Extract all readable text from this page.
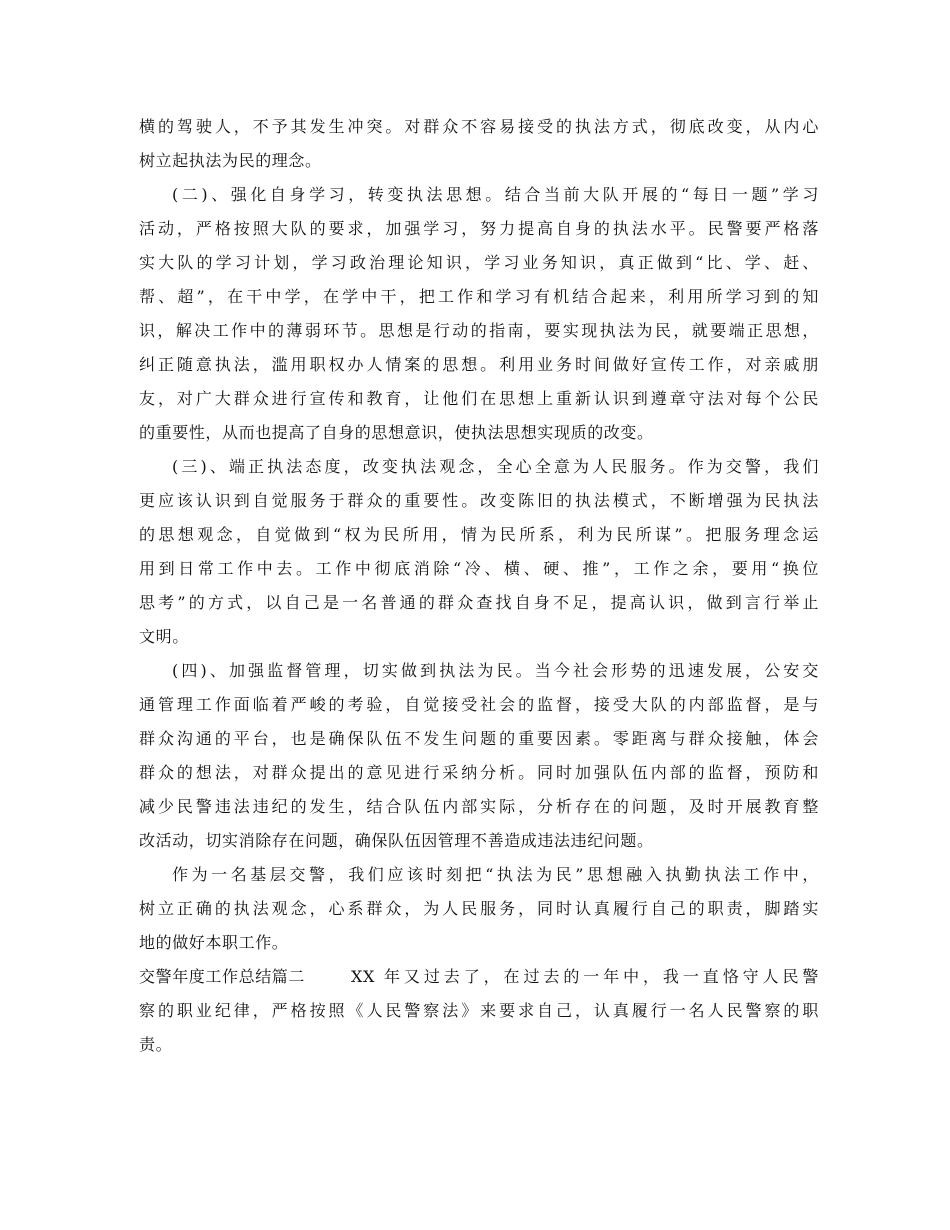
横的驾驶人，不予其发生冲突。对群众不容易接受的执法方式，彻底改变，从内心
树立起执法为民的理念。
(二)、强化自身学习，转变执法思想。结合当前大队开展的“每日一题”学习
活动，严格按照大队的要求，加强学习，努力提高自身的执法水平。民警要严格落
实大队的学习计划，学习政治理论知识，学习业务知识，真正做到“比、学、赶、
帮、超”，在干中学，在学中干，把工作和学习有机结合起来，利用所学习到的知
识，解决工作中的薄弱环节。思想是行动的指南，要实现执法为民，就要端正思想，
纠正随意执法，滥用职权办人情案的思想。利用业务时间做好宣传工作，对亲戚朋
友，对广大群众进行宣传和教育，让他们在思想上重新认识到遵章守法对每个公民
的重要性，从而也提高了自身的思想意识，使执法思想实现质的改变。
(三)、端正执法态度，改变执法观念，全心全意为人民服务。作为交警，我们
更应该认识到自觉服务于群众的重要性。改变陈旧的执法模式，不断增强为民执法
的思想观念，自觉做到“权为民所用，情为民所系，利为民所谋”。把服务理念运
用到日常工作中去。工作中彻底消除“冷、横、硬、推”，工作之余，要用“换位
思考”的方式，以自己是一名普通的群众查找自身不足，提高认识，做到言行举止
文明。
(四)、加强监督管理，切实做到执法为民。当今社会形势的迅速发展，公安交
通管理工作面临着严峻的考验，自觉接受社会的监督，接受大队的内部监督，是与
群众沟通的平台，也是确保队伍不发生问题的重要因素。零距离与群众接触，体会
群众的想法，对群众提出的意见进行采纳分析。同时加强队伍内部的监督，预防和
减少民警违法违纪的发生，结合队伍内部实际，分析存在的问题，及时开展教育整
改活动，切实消除存在问题，确保队伍因管理不善造成违法违纪问题。
作为一名基层交警，我们应该时刻把“执法为民”思想融入执勤执法工作中，
树立正确的执法观念，心系群众，为人民服务，同时认真履行自己的职责，脚踏实
地的做好本职工作。
交警年度工作总结篇二	XX 年又过去了，在过去的一年中，我一直恪守人民警
察的职业纪律，严格按照《人民警察法》来要求自己，认真履行一名人民警察的职
责。
